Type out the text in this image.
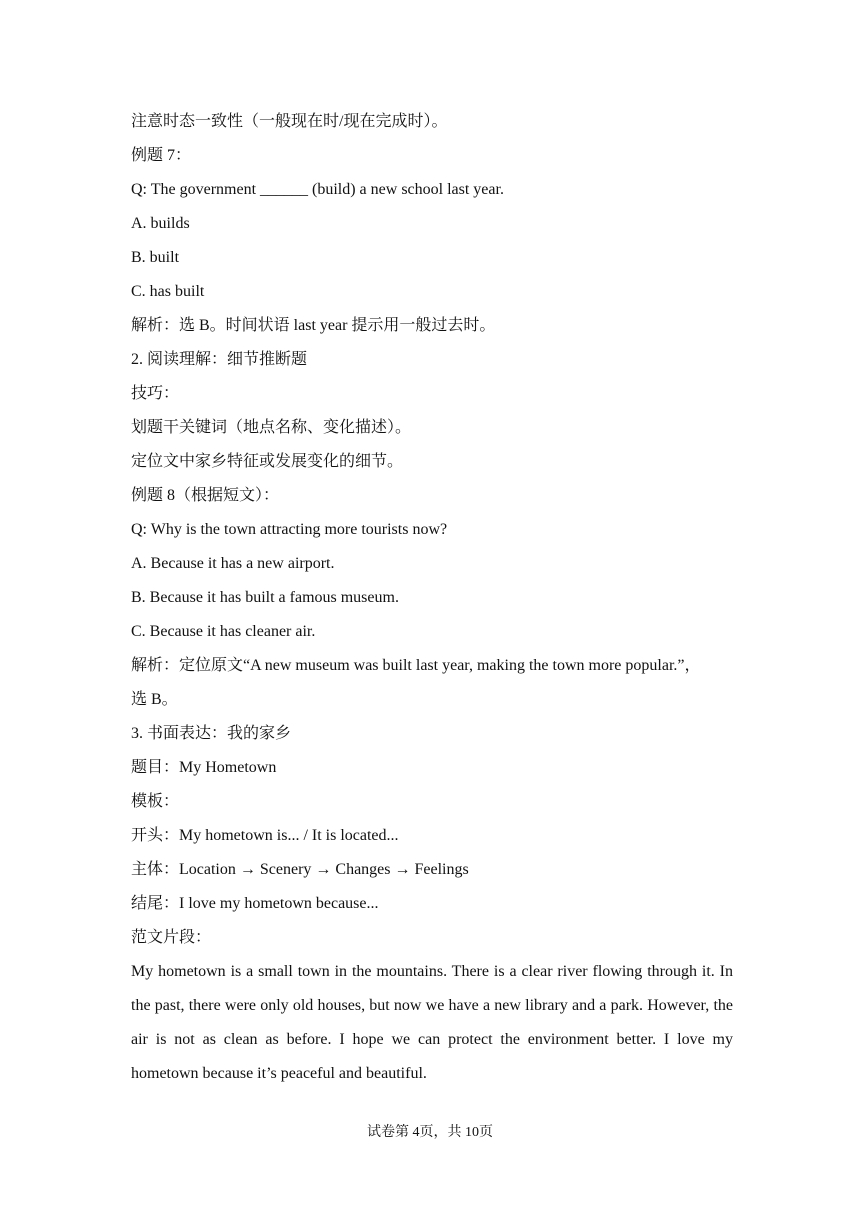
注意时态一致性（一般现在时/现在完成时）。
例题 7：
Q: The government ______ (build) a new school last year.
A. builds
B. built
C. has built
解析：选 B。时间状语 last year 提示用一般过去时。
2. 阅读理解：细节推断题
技巧：
划题干关键词（地点名称、变化描述）。
定位文中家乡特征或发展变化的细节。
例题 8（根据短文）：
Q: Why is the town attracting more tourists now?
A. Because it has a new airport.
B. Because it has built a famous museum.
C. Because it has cleaner air.
解析：定位原文“A new museum was built last year, making the town more popular.”，
选 B。
3. 书面表达：我的家乡
题目：My Hometown
模板：
开头：My hometown is... / It is located...
主体：Location → Scenery → Changes → Feelings
结尾：I love my hometown because...
范文片段：
My hometown is a small town in the mountains. There is a clear river flowing through it. In the past, there were only old houses, but now we have a new library and a park. However, the air is not as clean as before. I hope we can protect the environment better. I love my hometown because it’s peaceful and beautiful.
试卷第 4页，共 10页
